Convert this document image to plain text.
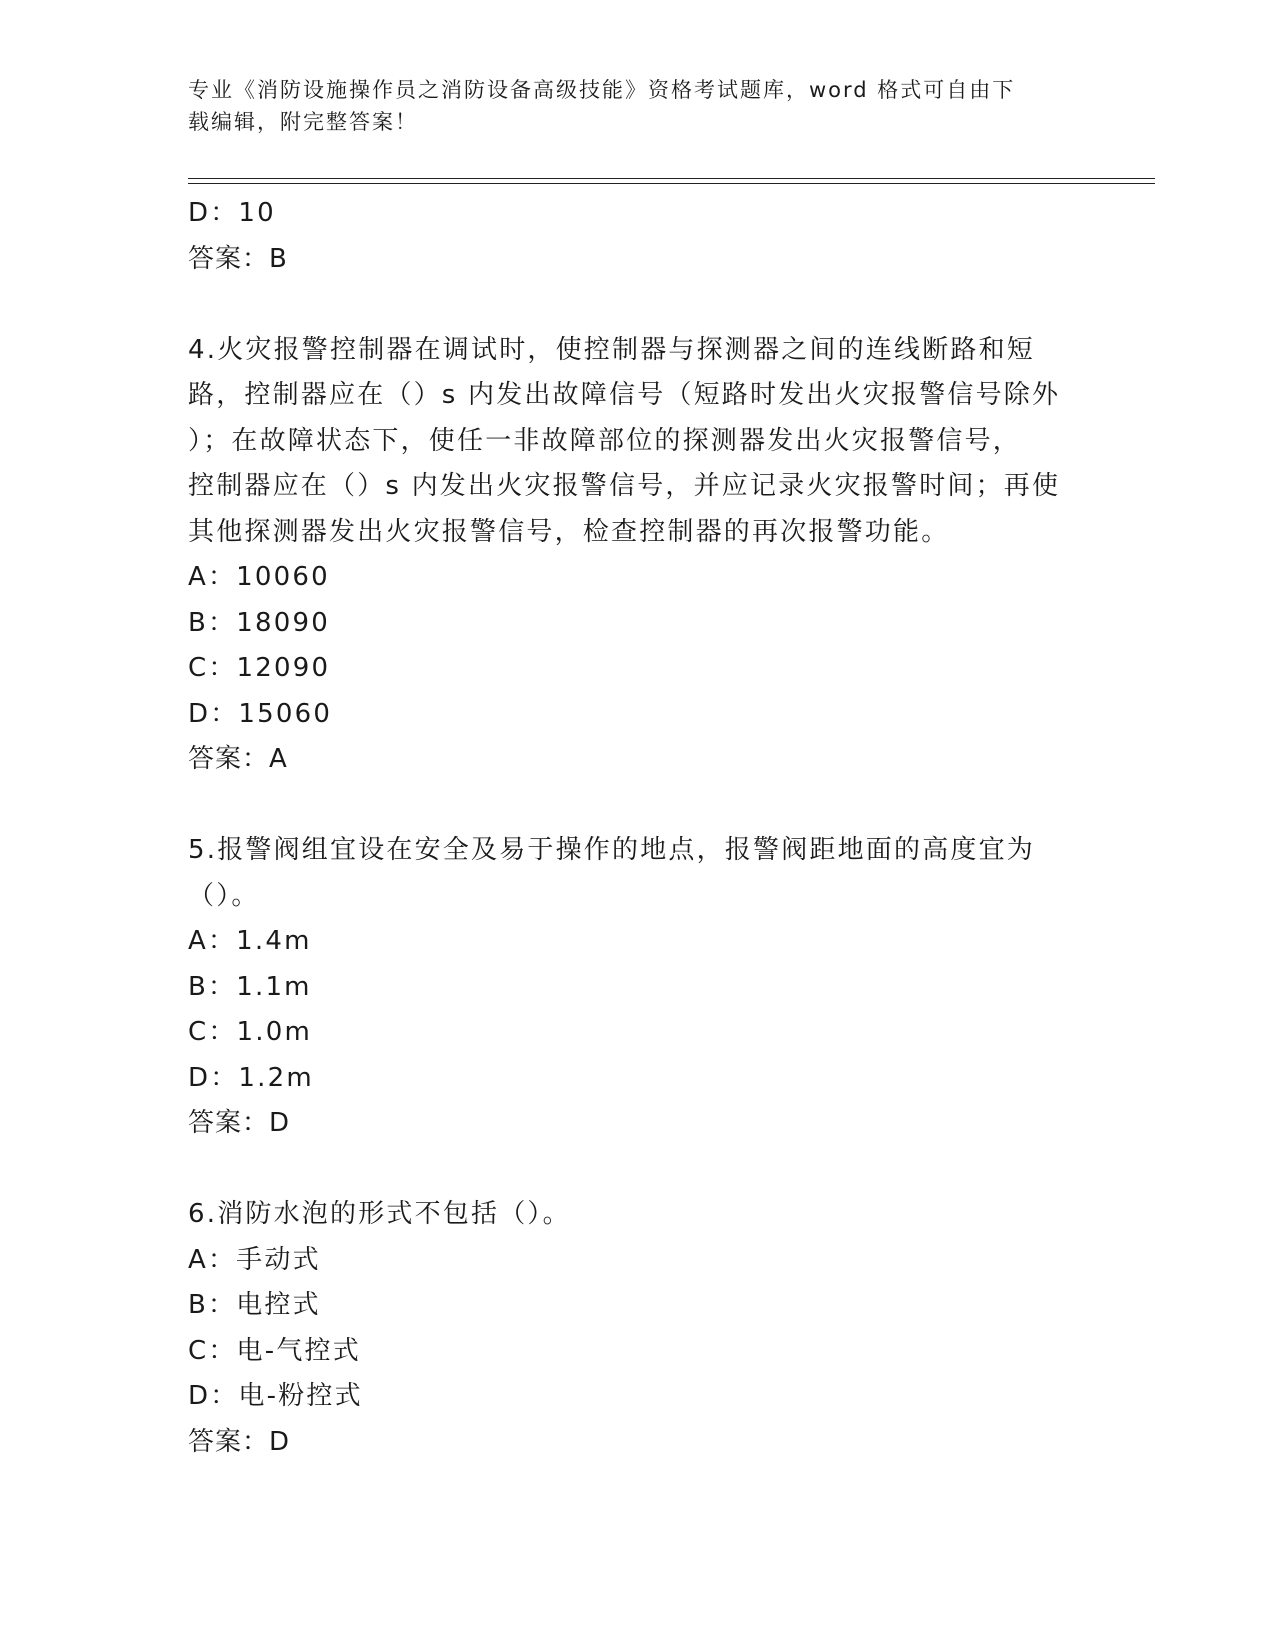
专业《消防设施操作员之消防设备高级技能》资格考试题库，word 格式可自由下
载编辑，附完整答案！
D：10
答案：B
4.火灾报警控制器在调试时，使控制器与探测器之间的连线断路和短
路，控制器应在（）s 内发出故障信号（短路时发出火灾报警信号除外
）；在故障状态下，使任一非故障部位的探测器发出火灾报警信号，
控制器应在（）s 内发出火灾报警信号，并应记录火灾报警时间；再使
其他探测器发出火灾报警信号，检查控制器的再次报警功能。
A：10060
B：18090
C：12090
D：15060
答案：A
5.报警阀组宜设在安全及易于操作的地点，报警阀距地面的高度宜为
（）。
A：1.4m
B：1.1m
C：1.0m
D：1.2m
答案：D
6.消防水泡的形式不包括（）。
A：手动式
B：电控式
C：电-气控式
D：电-粉控式
答案：D
